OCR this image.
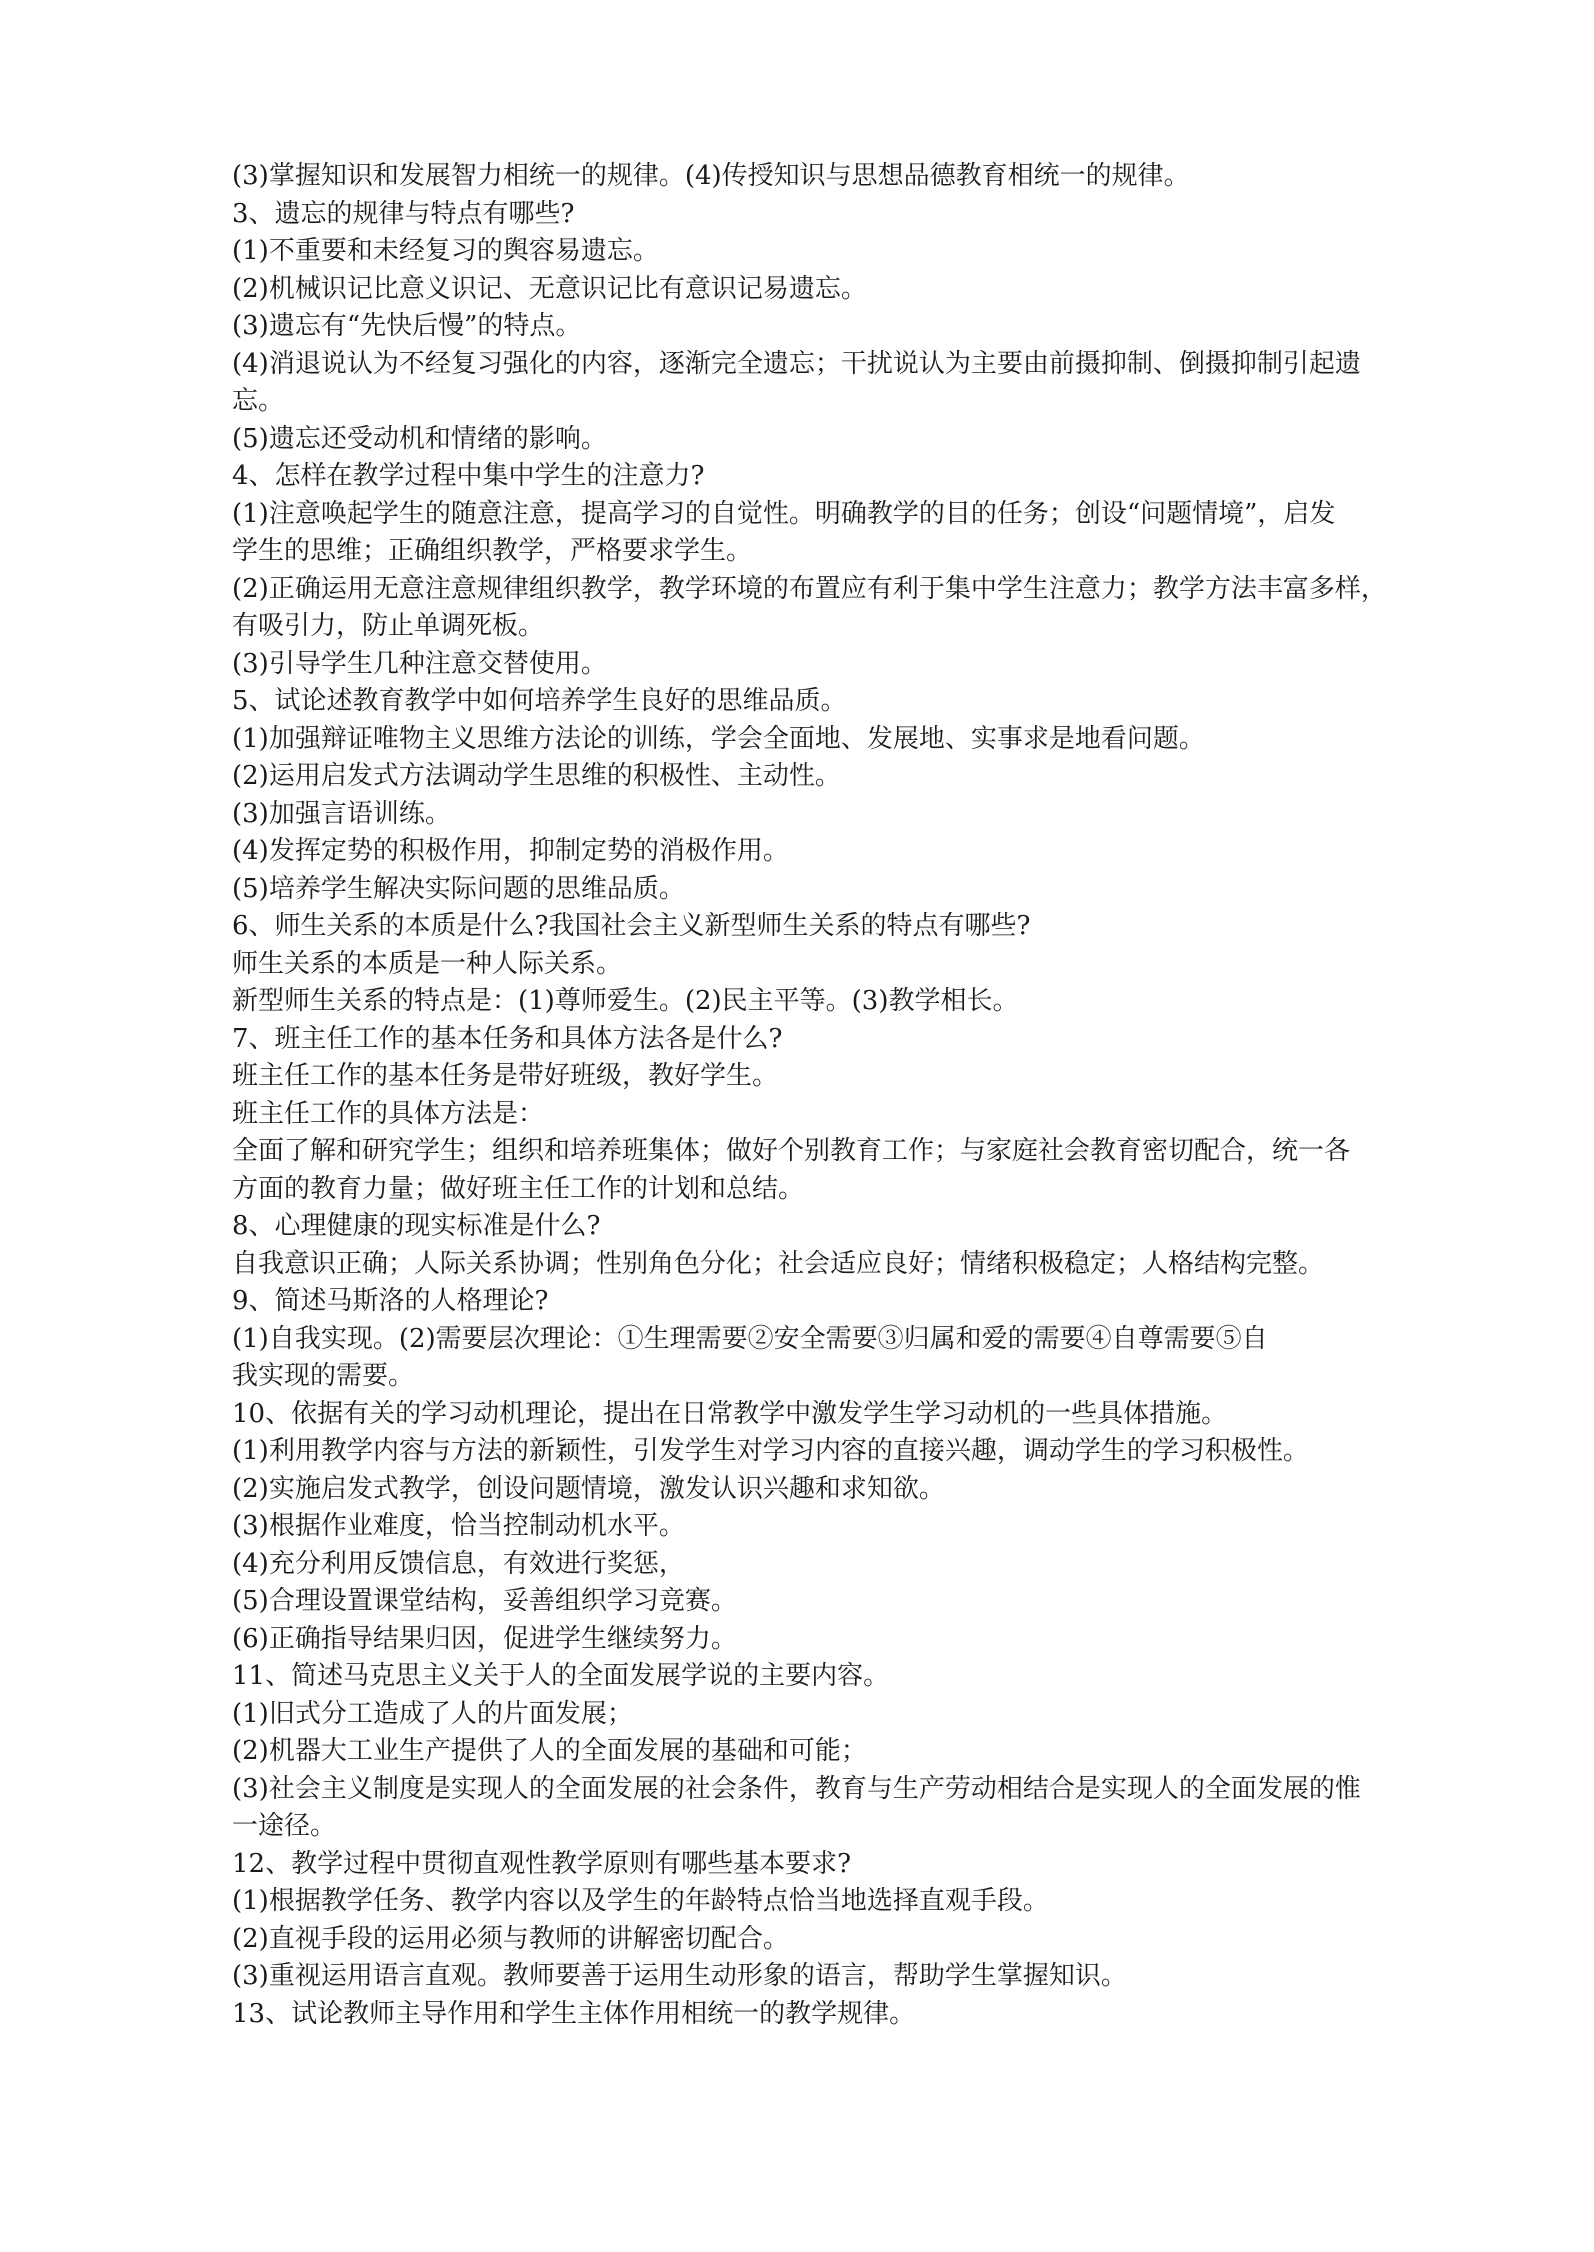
(3)掌握知识和发展智力相统一的规律。(4)传授知识与思想品德教育相统一的规律。
3、遗忘的规律与特点有哪些?
(1)不重要和未经复习的舆容易遗忘。
(2)机械识记比意义识记、无意识记比有意识记易遗忘。
(3)遗忘有“先快后慢”的特点。
(4)消退说认为不经复习强化的内容，逐渐完全遗忘；干扰说认为主要由前摄抑制、倒摄抑制引起遗
忘。
(5)遗忘还受动机和情绪的影响。
4、怎样在教学过程中集中学生的注意力?
(1)注意唤起学生的随意注意，提高学习的自觉性。明确教学的目的任务；创设“问题情境”，启发
学生的思维；正确组织教学，严格要求学生。
(2)正确运用无意注意规律组织教学，教学环境的布置应有利于集中学生注意力；教学方法丰富多样，
有吸引力，防止单调死板。
(3)引导学生几种注意交替使用。
5、试论述教育教学中如何培养学生良好的思维品质。
(1)加强辩证唯物主义思维方法论的训练，学会全面地、发展地、实事求是地看问题。
(2)运用启发式方法调动学生思维的积极性、主动性。
(3)加强言语训练。
(4)发挥定势的积极作用，抑制定势的消极作用。
(5)培养学生解决实际问题的思维品质。
6、师生关系的本质是什么?我国社会主义新型师生关系的特点有哪些?
师生关系的本质是一种人际关系。
新型师生关系的特点是：(1)尊师爱生。(2)民主平等。(3)教学相长。
7、班主任工作的基本任务和具体方法各是什么?
班主任工作的基本任务是带好班级，教好学生。
班主任工作的具体方法是：
全面了解和研究学生；组织和培养班集体；做好个别教育工作；与家庭社会教育密切配合，统一各
方面的教育力量；做好班主任工作的计划和总结。
8、心理健康的现实标准是什么?
自我意识正确；人际关系协调；性别角色分化；社会适应良好；情绪积极稳定；人格结构完整。
9、简述马斯洛的人格理论?
(1)自我实现。(2)需要层次理论：①生理需要②安全需要③归属和爱的需要④自尊需要⑤自
我实现的需要。
10、依据有关的学习动机理论，提出在日常教学中激发学生学习动机的一些具体措施。
(1)利用教学内容与方法的新颖性，引发学生对学习内容的直接兴趣，调动学生的学习积极性。
(2)实施启发式教学，创设问题情境，激发认识兴趣和求知欲。
(3)根据作业难度，恰当控制动机水平。
(4)充分利用反馈信息，有效进行奖惩，
(5)合理设置课堂结构，妥善组织学习竞赛。
(6)正确指导结果归因，促进学生继续努力。
11、简述马克思主义关于人的全面发展学说的主要内容。
(1)旧式分工造成了人的片面发展；
(2)机器大工业生产提供了人的全面发展的基础和可能；
(3)社会主义制度是实现人的全面发展的社会条件，教育与生产劳动相结合是实现人的全面发展的惟
一途径。
12、教学过程中贯彻直观性教学原则有哪些基本要求?
(1)根据教学任务、教学内容以及学生的年龄特点恰当地选择直观手段。
(2)直视手段的运用必须与教师的讲解密切配合。
(3)重视运用语言直观。教师要善于运用生动形象的语言，帮助学生掌握知识。
13、试论教师主导作用和学生主体作用相统一的教学规律。
